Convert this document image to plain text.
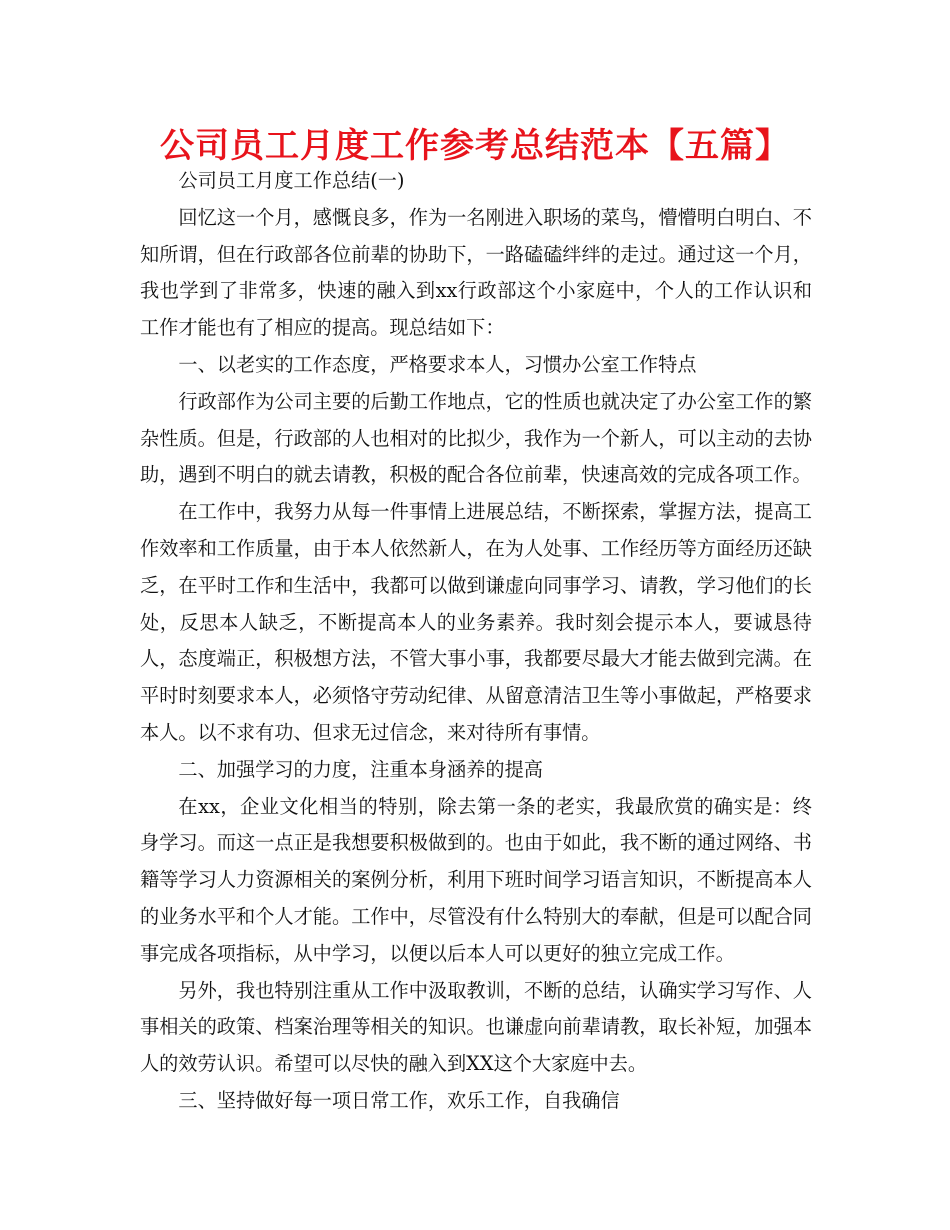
公司员工月度工作参考总结范本【五篇】

公司员工月度工作总结(一)

回忆这一个月，感慨良多，作为一名刚进入职场的菜鸟，懵懵明白明白、不知所谓，但在行政部各位前辈的协助下，一路磕磕绊绊的走过。通过这一个月，我也学到了非常多，快速的融入到xx行政部这个小家庭中，个人的工作认识和工作才能也有了相应的提高。现总结如下：

一、以老实的工作态度，严格要求本人，习惯办公室工作特点

行政部作为公司主要的后勤工作地点，它的性质也就决定了办公室工作的繁杂性质。但是，行政部的人也相对的比拟少，我作为一个新人，可以主动的去协助，遇到不明白的就去请教，积极的配合各位前辈，快速高效的完成各项工作。

在工作中，我努力从每一件事情上进展总结，不断探索，掌握方法，提高工作效率和工作质量，由于本人依然新人，在为人处事、工作经历等方面经历还缺乏，在平时工作和生活中，我都可以做到谦虚向同事学习、请教，学习他们的长处，反思本人缺乏，不断提高本人的业务素养。我时刻会提示本人，要诚恳待人，态度端正，积极想方法，不管大事小事，我都要尽最大才能去做到完满。在平时时刻要求本人，必须恪守劳动纪律、从留意清洁卫生等小事做起，严格要求本人。以不求有功、但求无过信念，来对待所有事情。

二、加强学习的力度，注重本身涵养的提高

在xx，企业文化相当的特别，除去第一条的老实，我最欣赏的确实是：终身学习。而这一点正是我想要积极做到的。也由于如此，我不断的通过网络、书籍等学习人力资源相关的案例分析，利用下班时间学习语言知识，不断提高本人的业务水平和个人才能。工作中，尽管没有什么特别大的奉献，但是可以配合同事完成各项指标，从中学习，以便以后本人可以更好的独立完成工作。

另外，我也特别注重从工作中汲取教训，不断的总结，认确实学习写作、人事相关的政策、档案治理等相关的知识。也谦虚向前辈请教，取长补短，加强本人的效劳认识。希望可以尽快的融入到XX这个大家庭中去。

三、坚持做好每一项日常工作，欢乐工作，自我确信
